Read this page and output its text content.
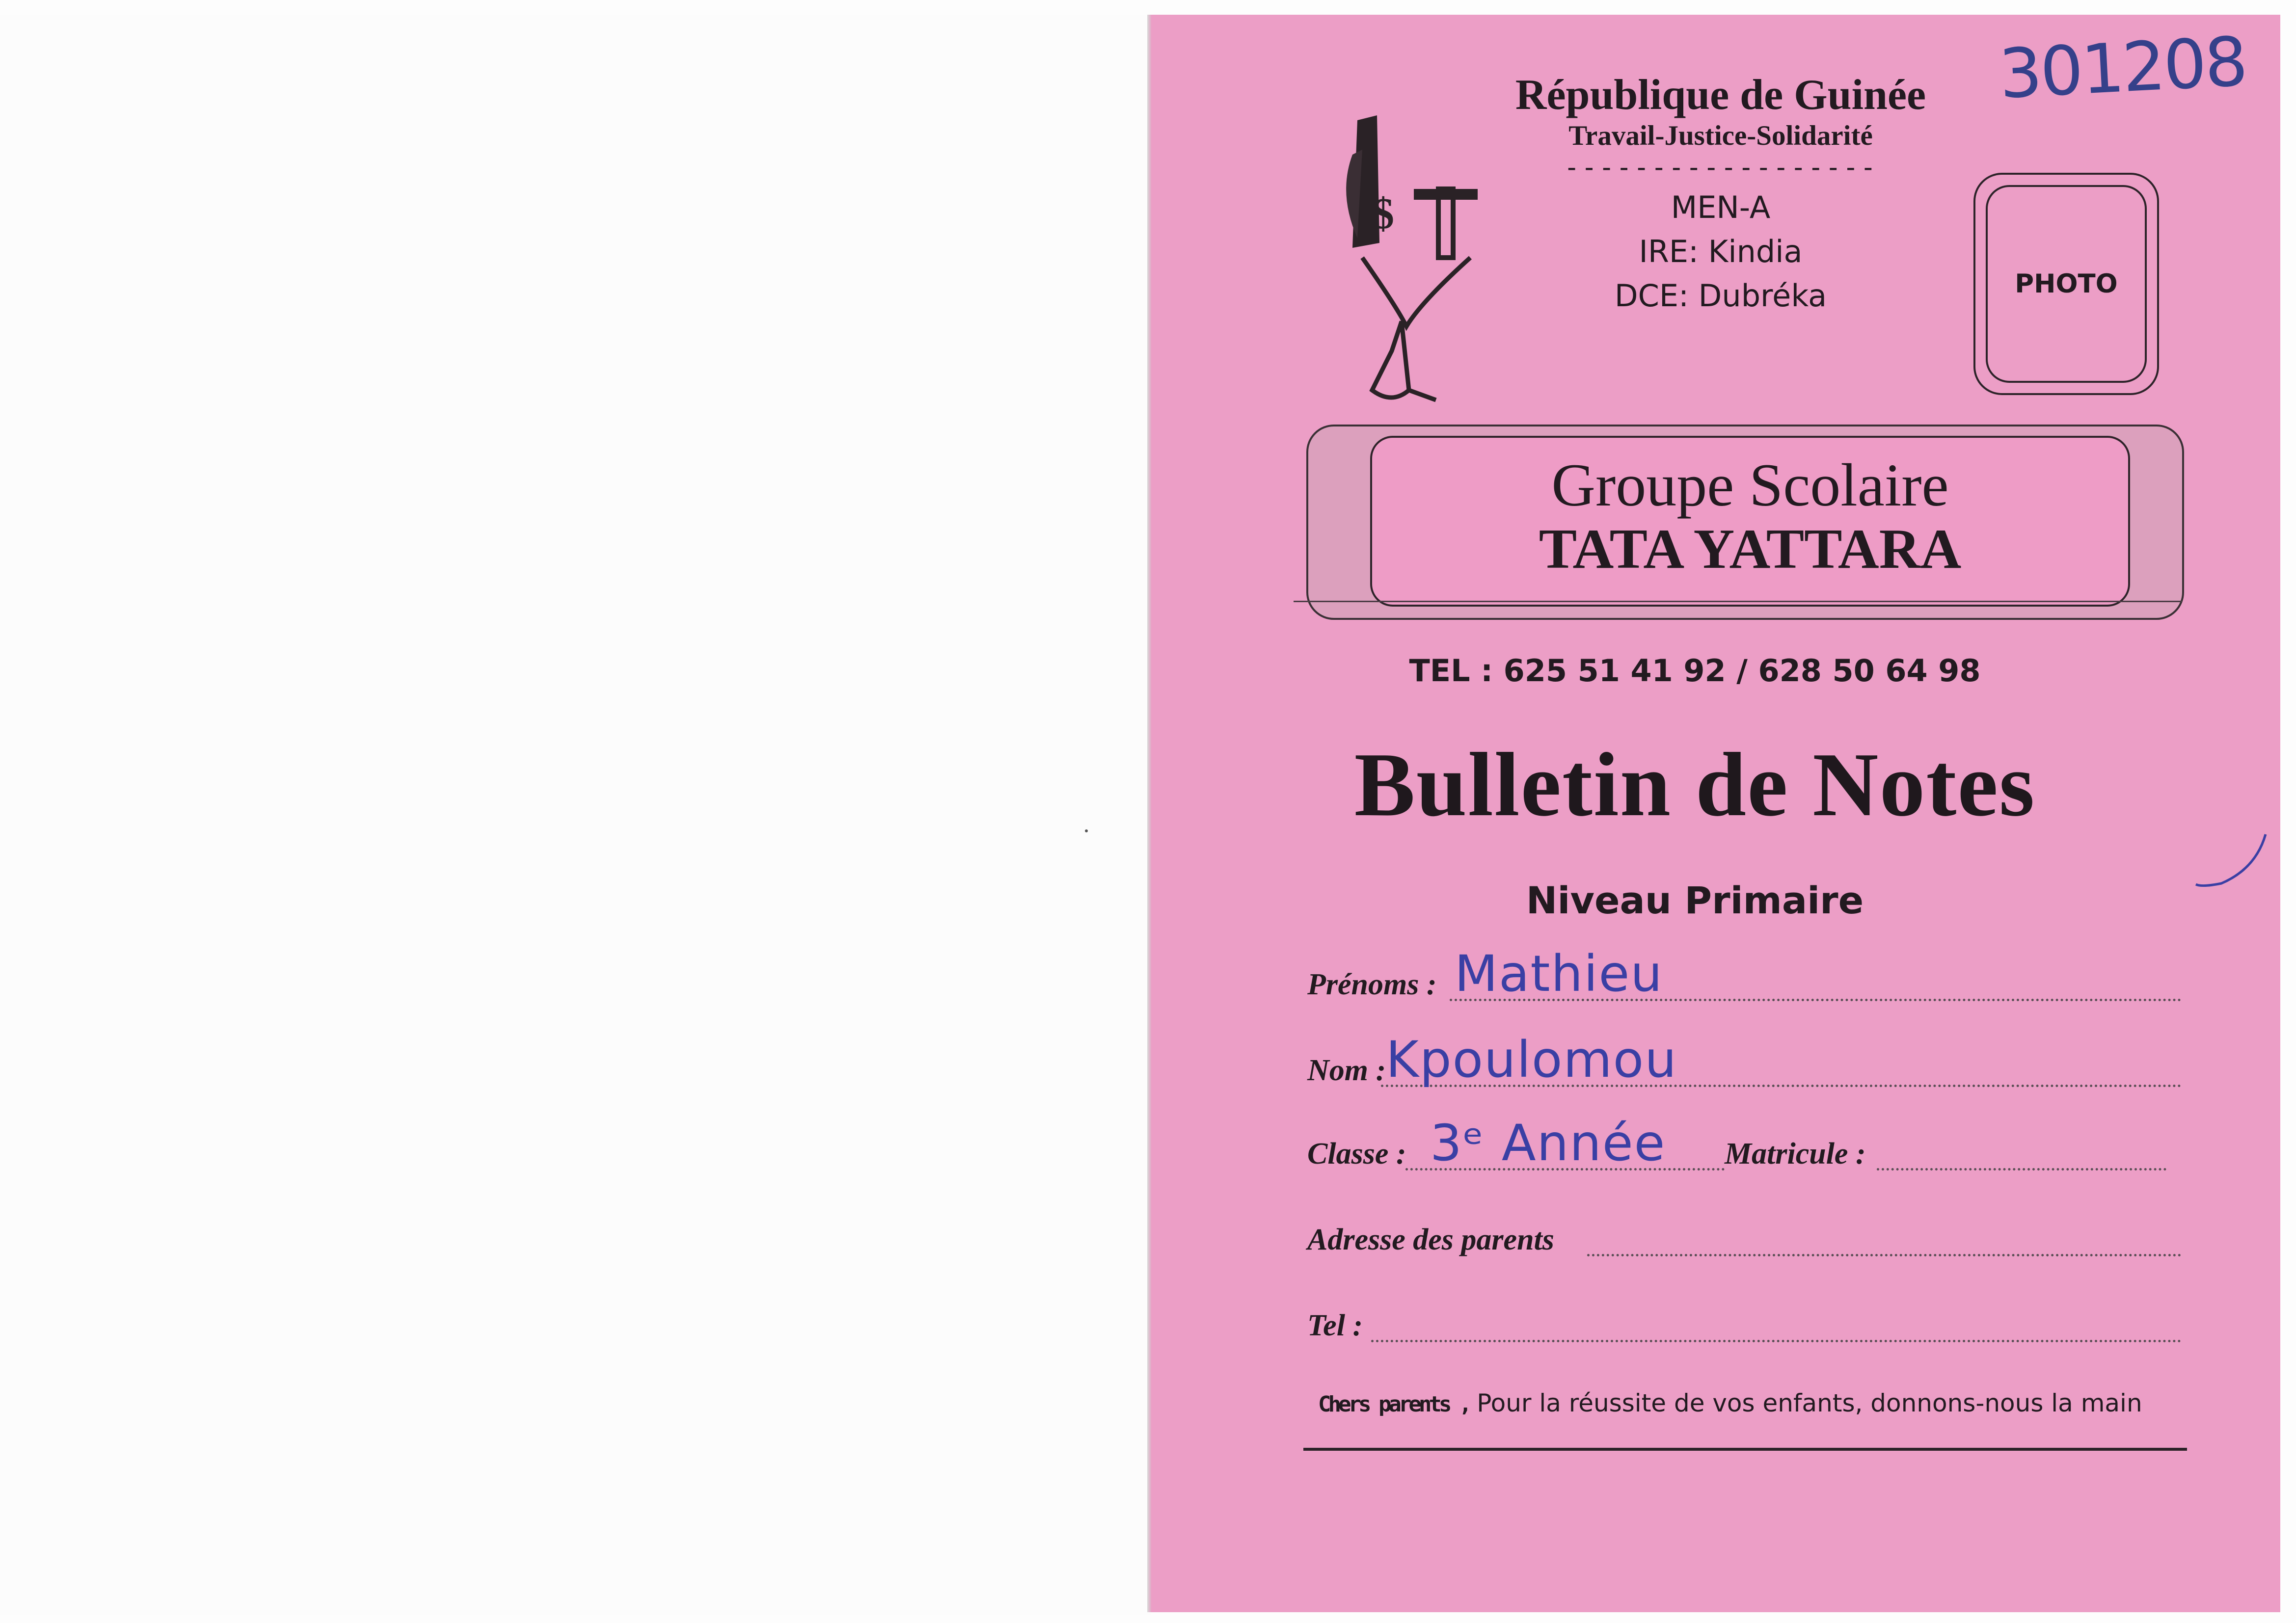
301208
$
République de Guinée
Travail-Justice-Solidarité
------------------
MEN-A
IRE: Kindia
DCE: Dubréka	PHOTO
Groupe Scolaire
TATA YATTARA
TEL : 625 51 41 92 / 628 50 64 98
Bulletin de Notes
Niveau Primaire
Prénoms : Mathieu
Nom : Kpoulomou
Classe : 3ᵉ Année Matricule :
Adresse des parents
Tel :
Chers parents , Pour la réussite de vos enfants, donnons-nous la main
